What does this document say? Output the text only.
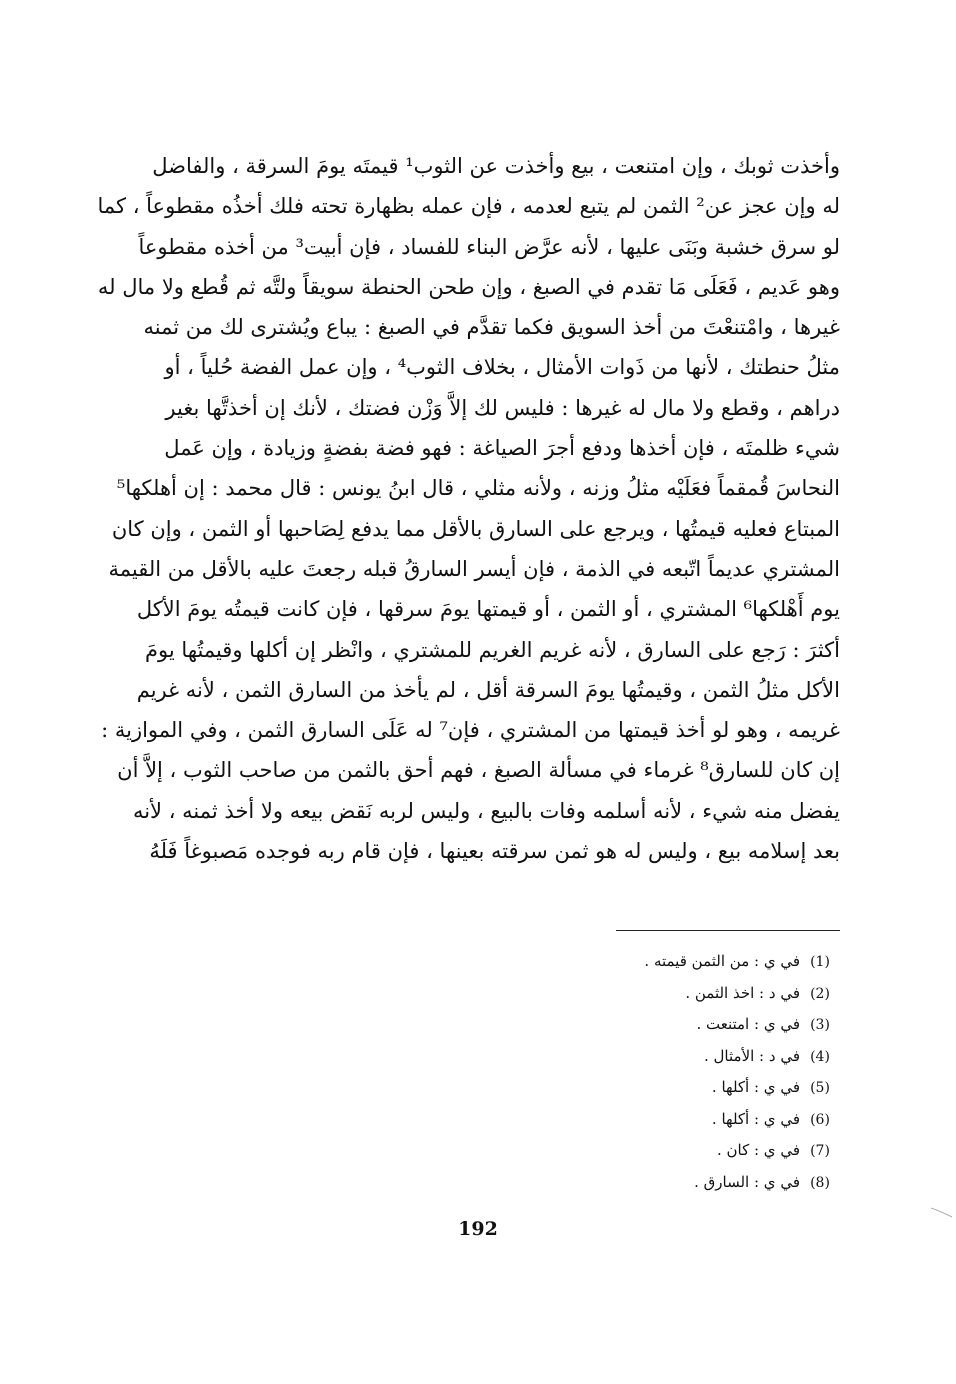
وأخذت ثوبك ، وإن امتنعت ، بيع وأخذت عن الثوب¹ قيمتَه يومَ السرقة ، والفاضل
له وإن عجز عن² الثمن لم يتبع لعدمه ، فإن عمله بظهارة تحته فلك أخذُه مقطوعاً ، كما
لو سرق خشبة وبَنَى عليها ، لأنه عرَّض البناء للفساد ، فإن أبيت³ من أخذه مقطوعاً
وهو عَديم ، فَعَلَى مَا تقدم في الصبغ ، وإن طحن الحنطة سويقاً ولتَّه ثم قُطع ولا مال له
غيرها ، وامْتنعْتَ من أخذ السويق فكما تقدَّم في الصبغ : يباع ويُشترى لك من ثمنه
مثلُ حنطتك ، لأنها من ذَوات الأمثال ، بخلاف الثوب⁴ ، وإن عمل الفضة حُلياً ، أو
دراهم ، وقطع ولا مال له غيرها : فليس لك إلاَّ وَزْن فضتك ، لأنك إن أخذتَّها بغير
شيء ظلمتَه ، فإن أخذها ودفع أجرَ الصياغة : فهو فضة بفضةٍ وزيادة ، وإن عَمل
النحاسَ قُمقماً فعَلَيْه مثلُ وزنه ، ولأنه مثلي ، قال ابنُ يونس : قال محمد : إن أهلكها⁵
المبتاع فعليه قيمتُها ، ويرجع على السارق بالأقل مما يدفع لِصَاحبها أو الثمن ، وإن كان
المشتري عديماً اتّبعه في الذمة ، فإن أيسر السارقُ قبله رجعتَ عليه بالأقل من القيمة
يوم أَهْلكها⁶ المشتري ، أو الثمن ، أو قيمتها يومَ سرقها ، فإن كانت قيمتُه يومَ الأكل
أكثرَ : رَجع على السارق ، لأنه غريم الغريم للمشتري ، وانْظر إن أكلها وقيمتُها يومَ
الأكل مثلُ الثمن ، وقيمتُها يومَ السرقة أقل ، لم يأخذ من السارق الثمن ، لأنه غريم
غريمه ، وهو لو أخذ قيمتها من المشتري ، فإن⁷ له عَلَى السارق الثمن ، وفي الموازية :
إن كان للسارق⁸ غرماء في مسألة الصبغ ، فهم أحق بالثمن من صاحب الثوب ، إلاَّ أن
يفضل منه شيء ، لأنه أسلمه وفات بالبيع ، وليس لربه نَقض بيعه ولا أخذ ثمنه ، لأنه
بعد إسلامه بيع ، وليس له هو ثمن سرقته بعينها ، فإن قام ربه فوجده مَصبوغاً فَلَهُ
(1)
في ي : من الثمن قيمته .
(2)
في د : اخذ الثمن .
(3)
في ي : امتنعت .
(4)
في د : الأمثال .
(5)
في ي : أكلها .
(6)
في ي : أكلها .
(7)
في ي : كان .
(8)
في ي : السارق .
192
